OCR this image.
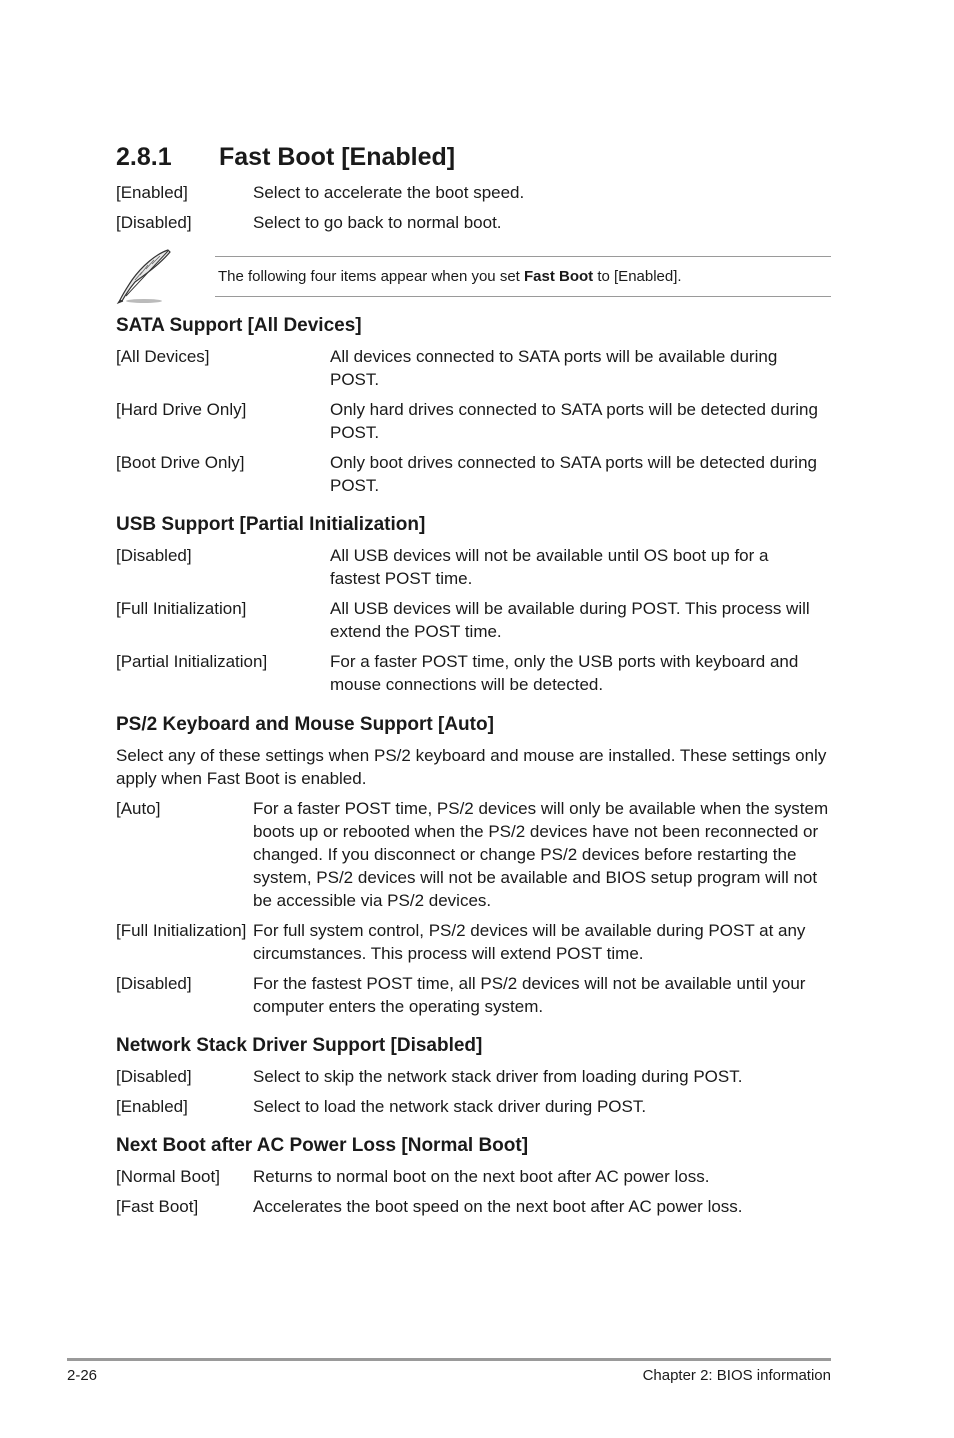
2.8.1 Fast Boot [Enabled]
[Enabled]	Select to accelerate the boot speed.
[Disabled]	Select to go back to normal boot.
The following four items appear when you set Fast Boot to [Enabled].
SATA Support [All Devices]
[All Devices]	All devices connected to SATA ports will be available during POST.
[Hard Drive Only]	Only hard drives connected to SATA ports will be detected during POST.
[Boot Drive Only]	Only boot drives connected to SATA ports will be detected during POST.
USB Support [Partial Initialization]
[Disabled]	All USB devices will not be available until OS boot up for a fastest POST time.
[Full Initialization]	All USB devices will be available during POST. This process will extend the POST time.
[Partial Initialization]	For a faster POST time, only the USB ports with keyboard and mouse connections will be detected.
PS/2 Keyboard and Mouse Support [Auto]
Select any of these settings when PS/2 keyboard and mouse are installed. These settings only apply when Fast Boot is enabled.
[Auto]	For a faster POST time, PS/2 devices will only be available when the system boots up or rebooted when the PS/2 devices have not been reconnected or changed. If you disconnect or change PS/2 devices before restarting the system, PS/2 devices will not be available and BIOS setup program will not be accessible via PS/2 devices.
[Full Initialization] For full system control, PS/2 devices will be available during POST at any circumstances. This process will extend POST time.
[Disabled]	For the fastest POST time, all PS/2 devices will not be available until your computer enters the operating system.
Network Stack Driver Support [Disabled]
[Disabled]	Select to skip the network stack driver from loading during POST.
[Enabled]	Select to load the network stack driver during POST.
Next Boot after AC Power Loss [Normal Boot]
[Normal Boot] Returns to normal boot on the next boot after AC power loss.
[Fast Boot]	Accelerates the boot speed on the next boot after AC power loss.
2-26	Chapter 2: BIOS information
